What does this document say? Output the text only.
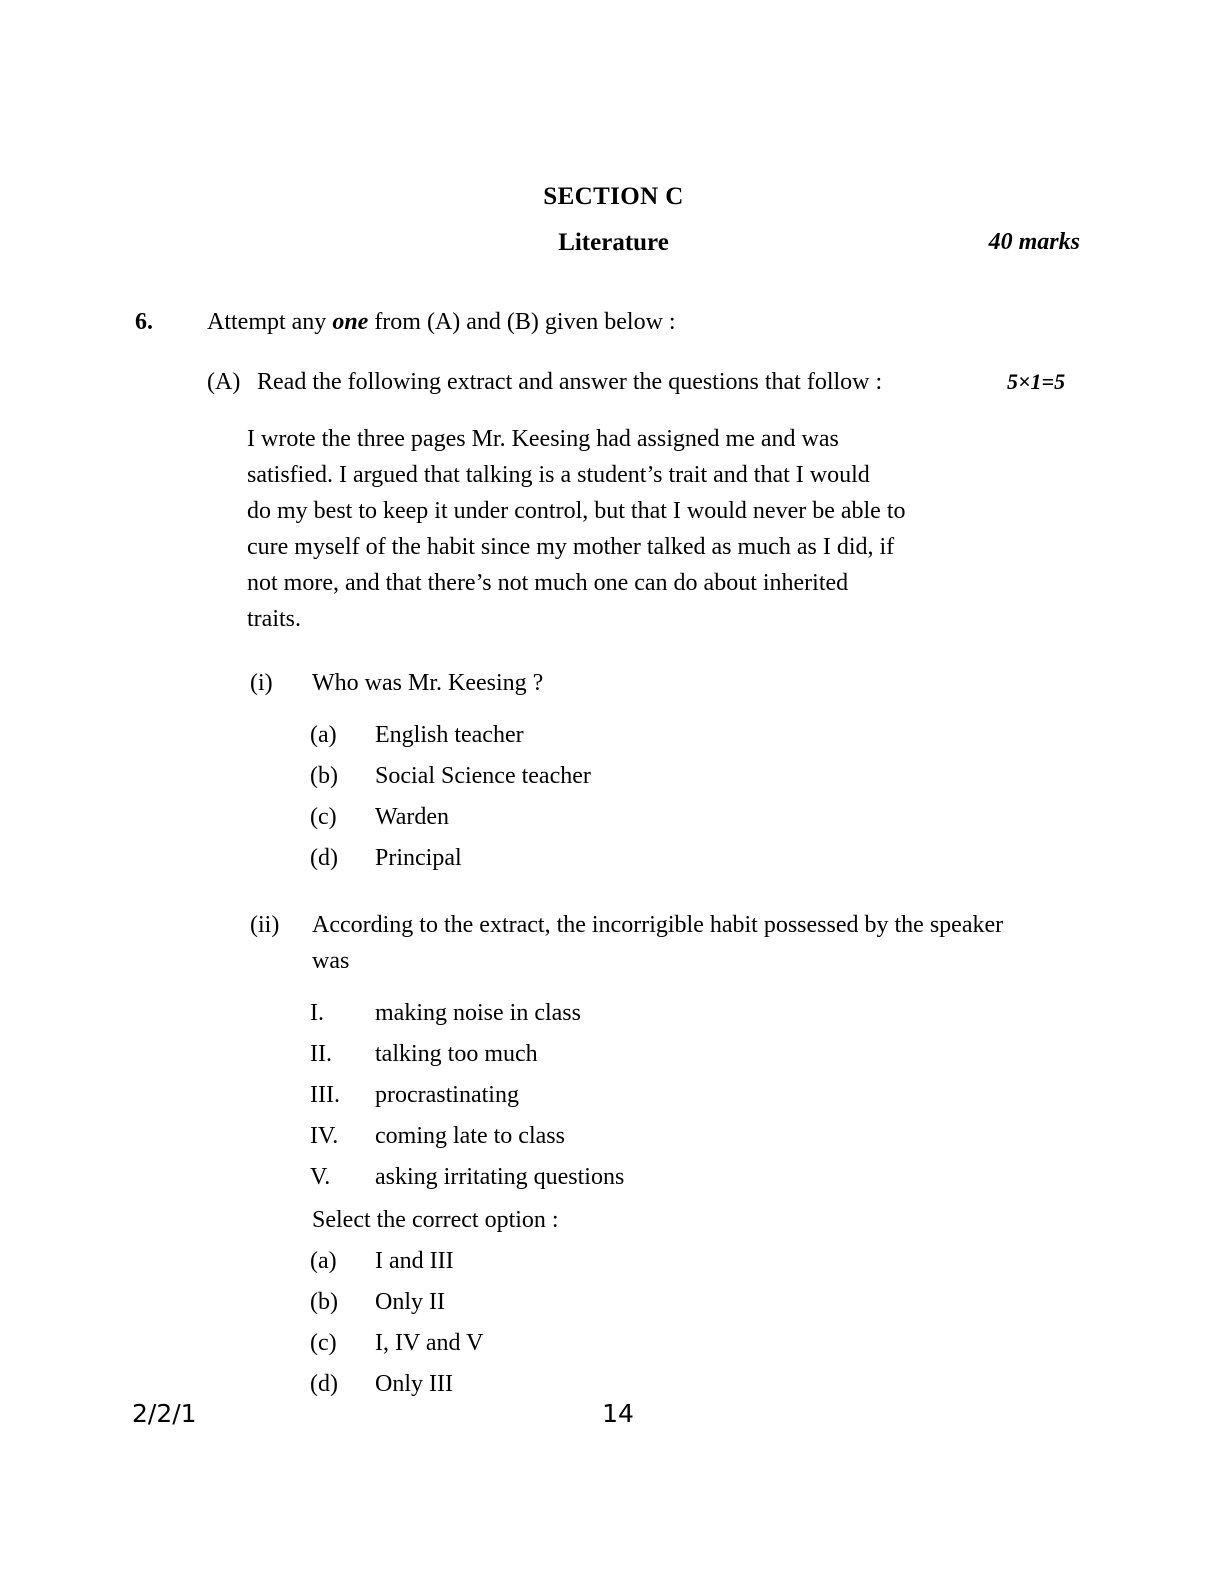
SECTION C
Literature	40 marks
6. Attempt any one from (A) and (B) given below :
(A) Read the following extract and answer the questions that follow :	5×1=5
I wrote the three pages Mr. Keesing had assigned me and was
satisfied. I argued that talking is a student’s trait and that I would
do my best to keep it under control, but that I would never be able to
cure myself of the habit since my mother talked as much as I did, if
not more, and that there’s not much one can do about inherited
traits.
(i) Who was Mr. Keesing ?
(a) English teacher
(b) Social Science teacher
(c) Warden
(d) Principal
(ii) According to the extract, the incorrigible habit possessed by the speaker was
I. making noise in class
II. talking too much
III. procrastinating
IV. coming late to class
V. asking irritating questions
Select the correct option :
(a) I and III
(b) Only II
(c) I, IV and V
(d) Only III
2/2/1	14
